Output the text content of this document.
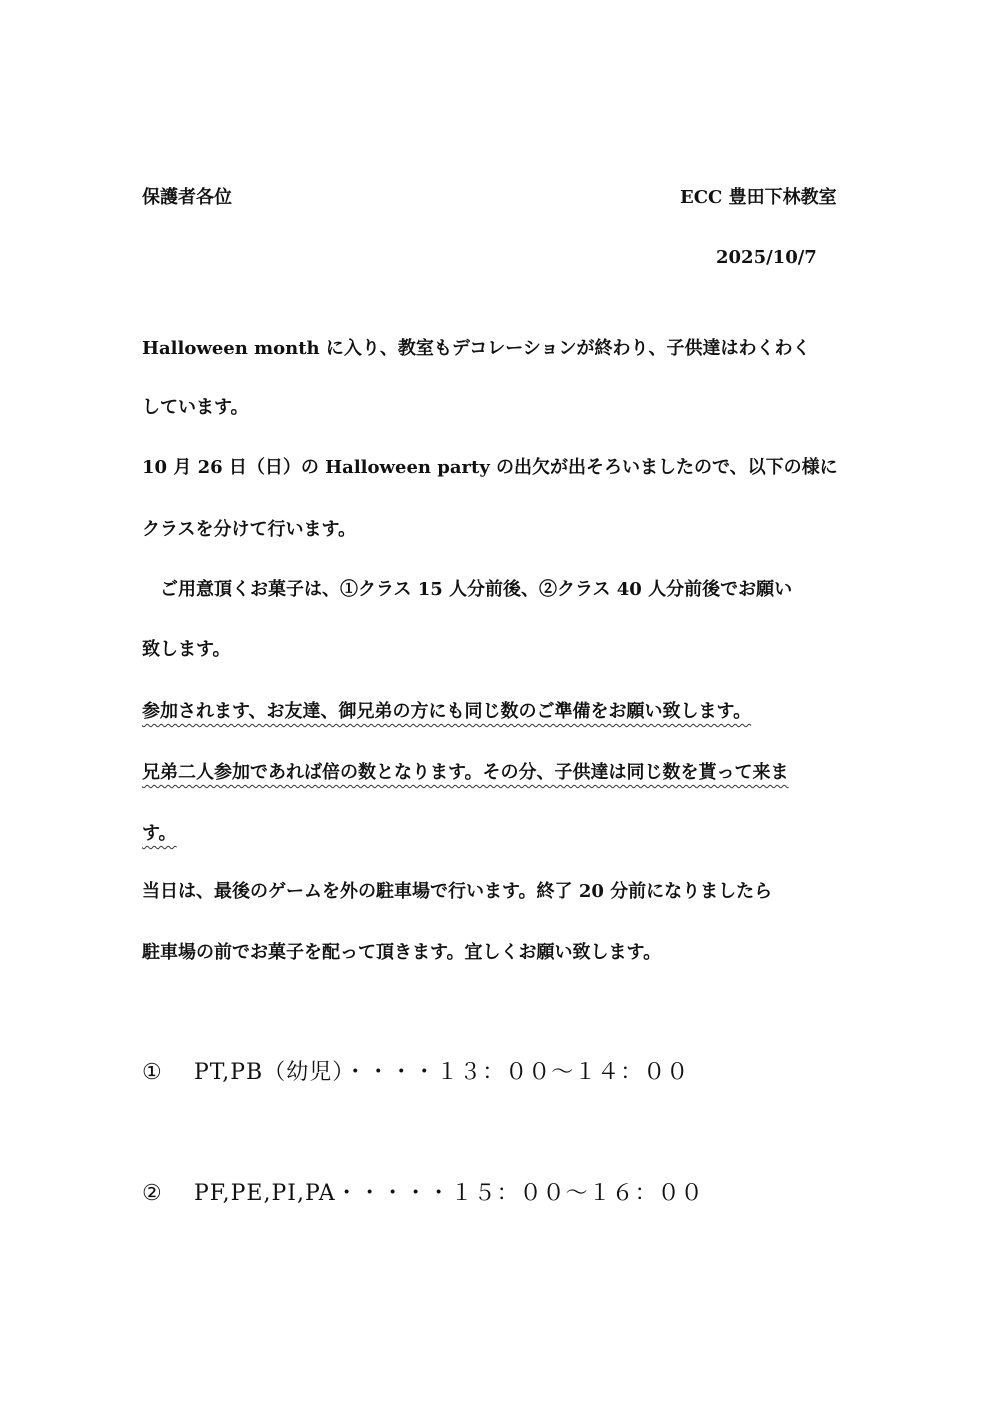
保護者各位	ECC 豊田下林教室
2025/10/7
Halloween month に入り、教室もデコレーションが終わり、子供達はわくわく
しています。
10 月 26 日（日）の Halloween party の出欠が出そろいましたので、以下の様に
クラスを分けて行います。
　ご用意頂くお菓子は、①クラス 15 人分前後、②クラス 40 人分前後でお願い
致します。
参加されます、お友達、御兄弟の方にも同じ数のご準備をお願い致します。
兄弟二人参加であれば倍の数となります。その分、子供達は同じ数を貰って来ま
す。
当日は、最後のゲームを外の駐車場で行います。終了 20 分前になりましたら
駐車場の前でお菓子を配って頂きます。宜しくお願い致します。
① PT,PB（幼児）・・・・１３：００～１４：００
② PF,PE,PI,PA・・・・・１５：００～１６：００
